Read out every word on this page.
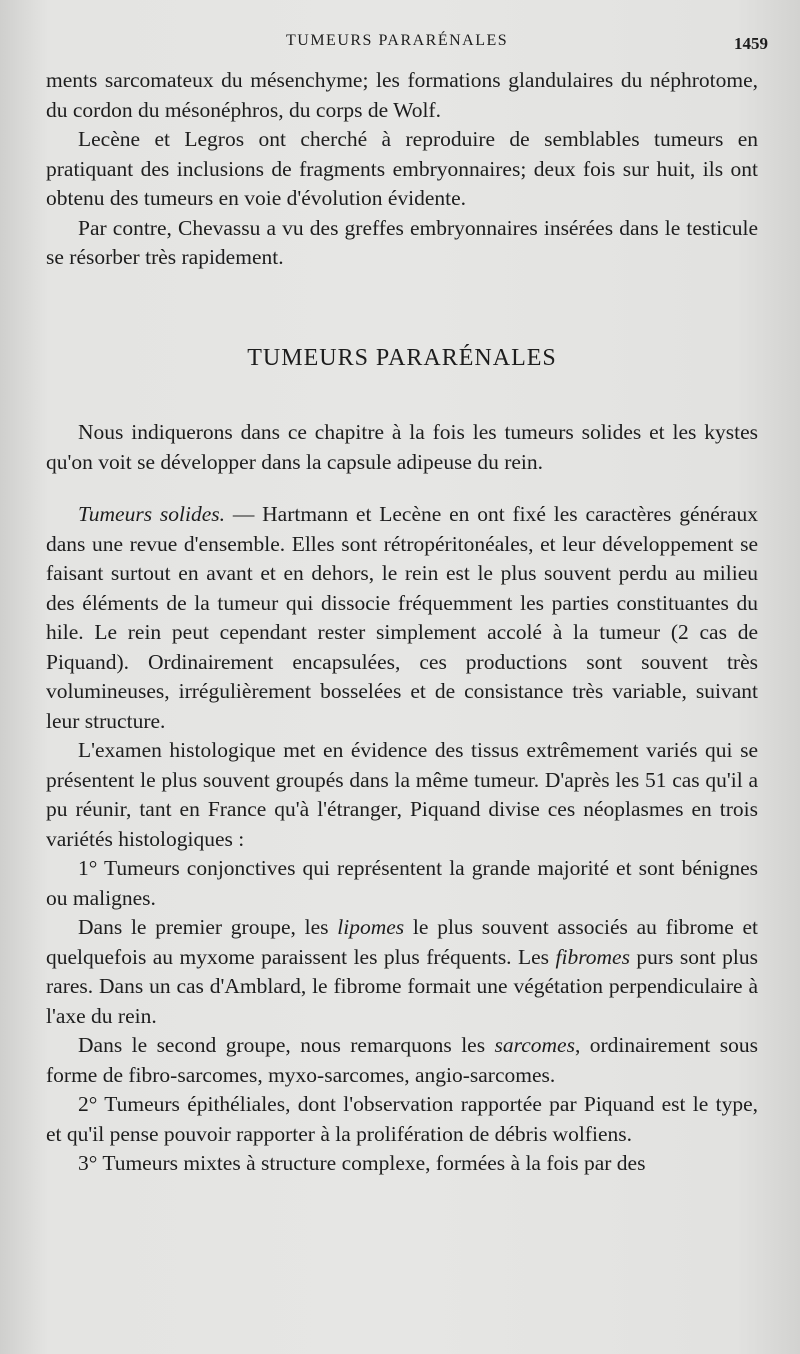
TUMEURS PARARÉNALES	1459

ments sarcomateux du mésenchyme; les formations glandulaires du néphrotome, du cordon du mésonéphros, du corps de Wolf.

Lecène et Legros ont cherché à reproduire de semblables tumeurs en pratiquant des inclusions de fragments embryonnaires; deux fois sur huit, ils ont obtenu des tumeurs en voie d'évolution évidente.

Par contre, Chevassu a vu des greffes embryonnaires insérées dans le testicule se résorber très rapidement.

TUMEURS PARARÉNALES

Nous indiquerons dans ce chapitre à la fois les tumeurs solides et les kystes qu'on voit se développer dans la capsule adipeuse du rein.

Tumeurs solides. — Hartmann et Lecène en ont fixé les caractères généraux dans une revue d'ensemble. Elles sont rétropéritonéales, et leur développement se faisant surtout en avant et en dehors, le rein est le plus souvent perdu au milieu des éléments de la tumeur qui dissocie fréquemment les parties constituantes du hile. Le rein peut cependant rester simplement accolé à la tumeur (2 cas de Piquand). Ordinairement encapsulées, ces productions sont souvent très volumineuses, irrégulièrement bosselées et de consistance très variable, suivant leur structure.

L'examen histologique met en évidence des tissus extrêmement variés qui se présentent le plus souvent groupés dans la même tumeur. D'après les 51 cas qu'il a pu réunir, tant en France qu'à l'étranger, Piquand divise ces néoplasmes en trois variétés histologiques :

1° Tumeurs conjonctives qui représentent la grande majorité et sont bénignes ou malignes.

Dans le premier groupe, les lipomes le plus souvent associés au fibrome et quelquefois au myxome paraissent les plus fréquents. Les fibromes purs sont plus rares. Dans un cas d'Amblard, le fibrome formait une végétation perpendiculaire à l'axe du rein.

Dans le second groupe, nous remarquons les sarcomes, ordinairement sous forme de fibro-sarcomes, myxo-sarcomes, angio-sarcomes.

2° Tumeurs épithéliales, dont l'observation rapportée par Piquand est le type, et qu'il pense pouvoir rapporter à la prolifération de débris wolfiens.

3° Tumeurs mixtes à structure complexe, formées à la fois par des
